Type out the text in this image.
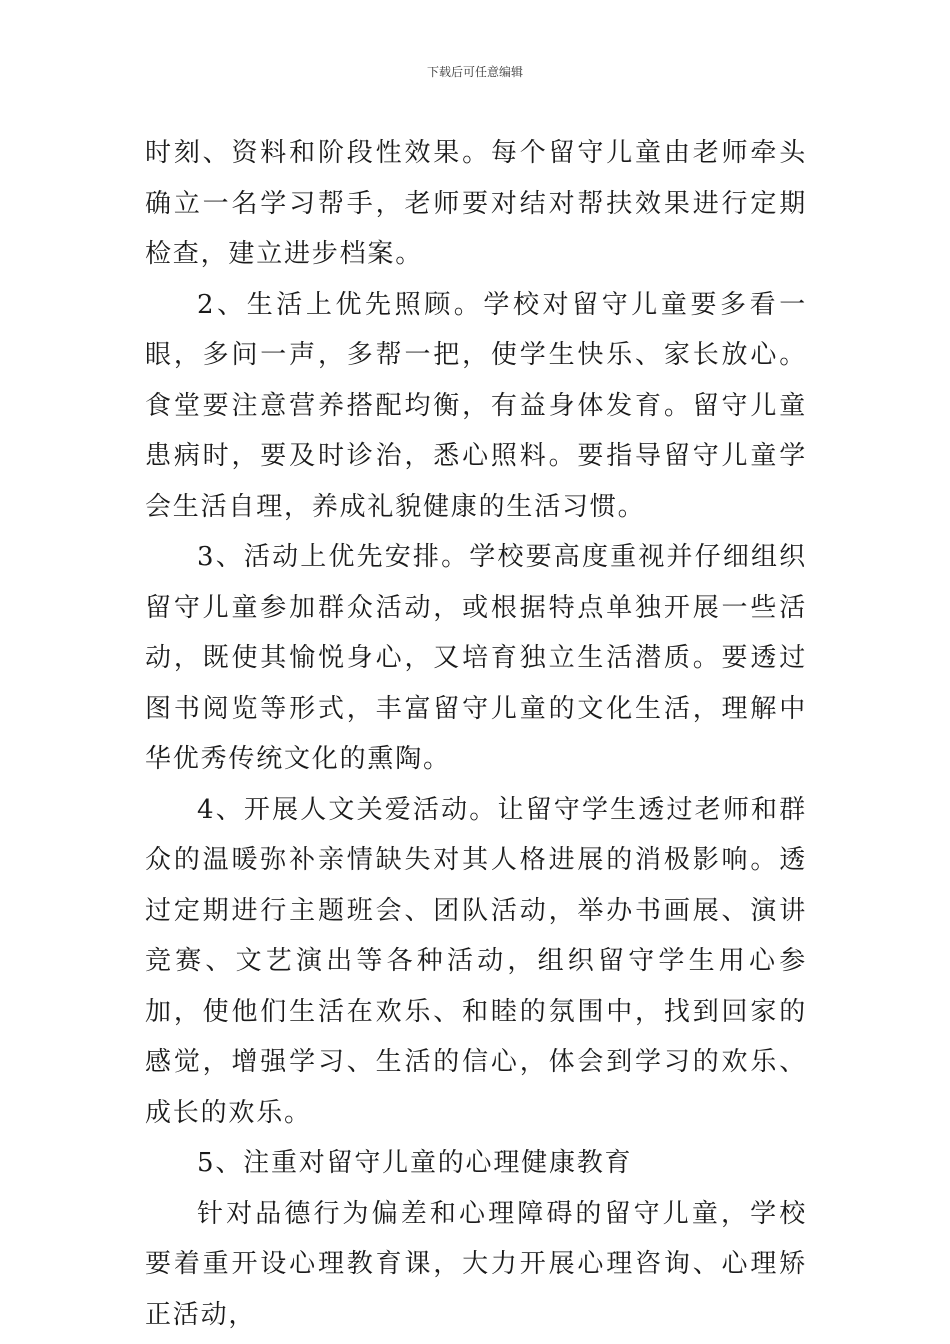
下载后可任意编辑

时刻、资料和阶段性效果。每个留守儿童由老师牵头确立一名学习帮手，老师要对结对帮扶效果进行定期检查，建立进步档案。

2、生活上优先照顾。学校对留守儿童要多看一眼，多问一声，多帮一把，使学生快乐、家长放心。食堂要注意营养搭配均衡，有益身体发育。留守儿童患病时，要及时诊治，悉心照料。要指导留守儿童学会生活自理，养成礼貌健康的生活习惯。

3、活动上优先安排。学校要高度重视并仔细组织留守儿童参加群众活动，或根据特点单独开展一些活动，既使其愉悦身心，又培育独立生活潜质。要透过图书阅览等形式，丰富留守儿童的文化生活，理解中华优秀传统文化的熏陶。

4、开展人文关爱活动。让留守学生透过老师和群众的温暖弥补亲情缺失对其人格进展的消极影响。透过定期进行主题班会、团队活动，举办书画展、演讲竞赛、文艺演出等各种活动，组织留守学生用心参加，使他们生活在欢乐、和睦的氛围中，找到回家的感觉，增强学习、生活的信心，体会到学习的欢乐、成长的欢乐。

5、注重对留守儿童的心理健康教育

针对品德行为偏差和心理障碍的留守儿童，学校要着重开设心理教育课，大力开展心理咨询、心理矫正活动，
